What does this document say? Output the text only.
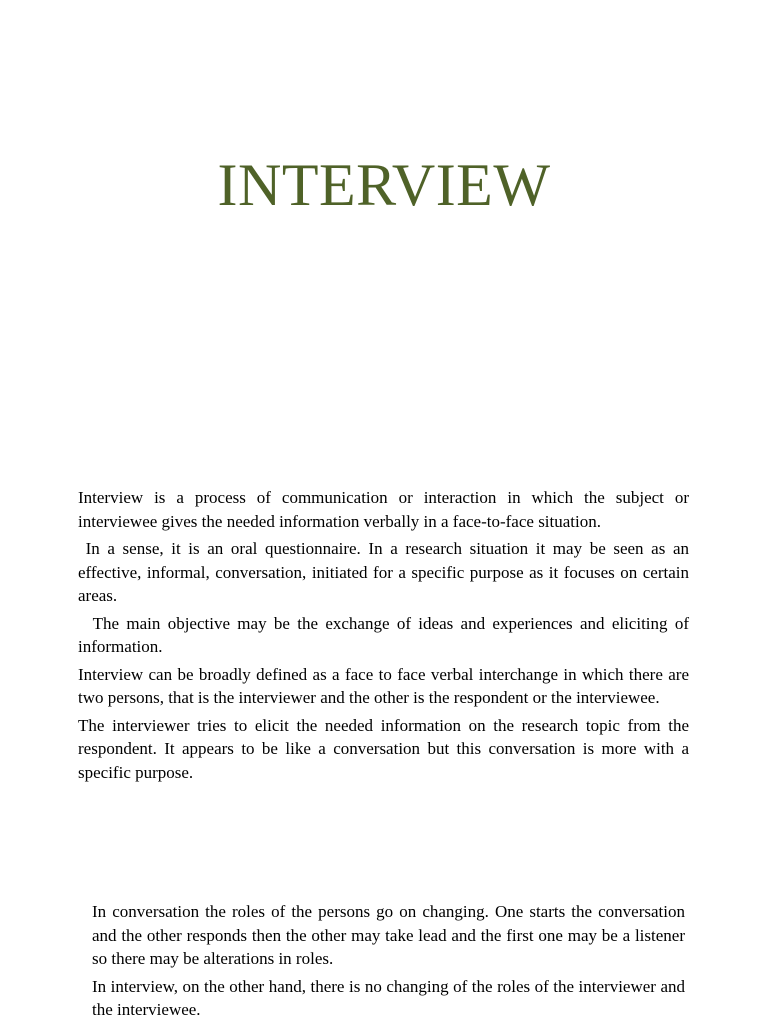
INTERVIEW

Interview is a process of communication or interaction in which the subject or interviewee gives the needed information verbally in a face-to-face situation.

In a sense, it is an oral questionnaire. In a research situation it may be seen as an effective, informal, conversation, initiated for a specific purpose as it focuses on certain areas.

The main objective may be the exchange of ideas and experiences and eliciting of information.

Interview can be broadly defined as a face to face verbal interchange in which there are two persons, that is the interviewer and the other is the respondent or the interviewee.

The interviewer tries to elicit the needed information on the research topic from the respondent. It appears to be like a conversation but this conversation is more with a specific purpose.

In conversation the roles of the persons go on changing. One starts the conversation and the other responds then the other may take lead and the first one may be a listener so there may be alterations in roles.

In interview, on the other hand, there is no changing of the roles of the interviewer and the interviewee.
